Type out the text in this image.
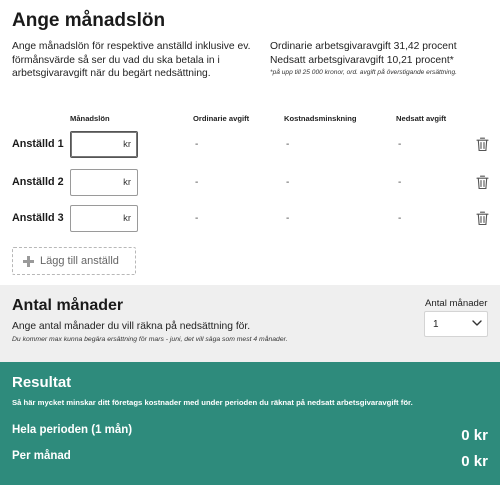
Ange månadslön
Ange månadslön för respektive anställd inklusive ev. förmånsvärde så ser du vad du ska betala in i arbetsgivaravgift när du begärt nedsättning.
Ordinarie arbetsgivaravgift 31,42 procent
Nedsatt arbetsgivaravgift 10,21 procent*
*på upp till 25 000 kronor, ord. avgift på överstigande ersättning.
Månadslön	Ordinarie avgift	Kostnadsminskning	Nedsatt avgift
Anställd 1	kr	-	-	-
Anställd 2	kr	-	-	-
Anställd 3	kr	-	-	-
Lägg till anställd
Antal månader
Ange antal månader du vill räkna på nedsättning för.
Du kommer max kunna begära ersättning för mars - juni, det vill säga som mest 4 månader.
Antal månader
1
Resultat
Så här mycket minskar ditt företags kostnader med under perioden du räknat på nedsatt arbetsgivaravgift för.
Hela perioden (1 mån)	0 kr
Per månad	0 kr
